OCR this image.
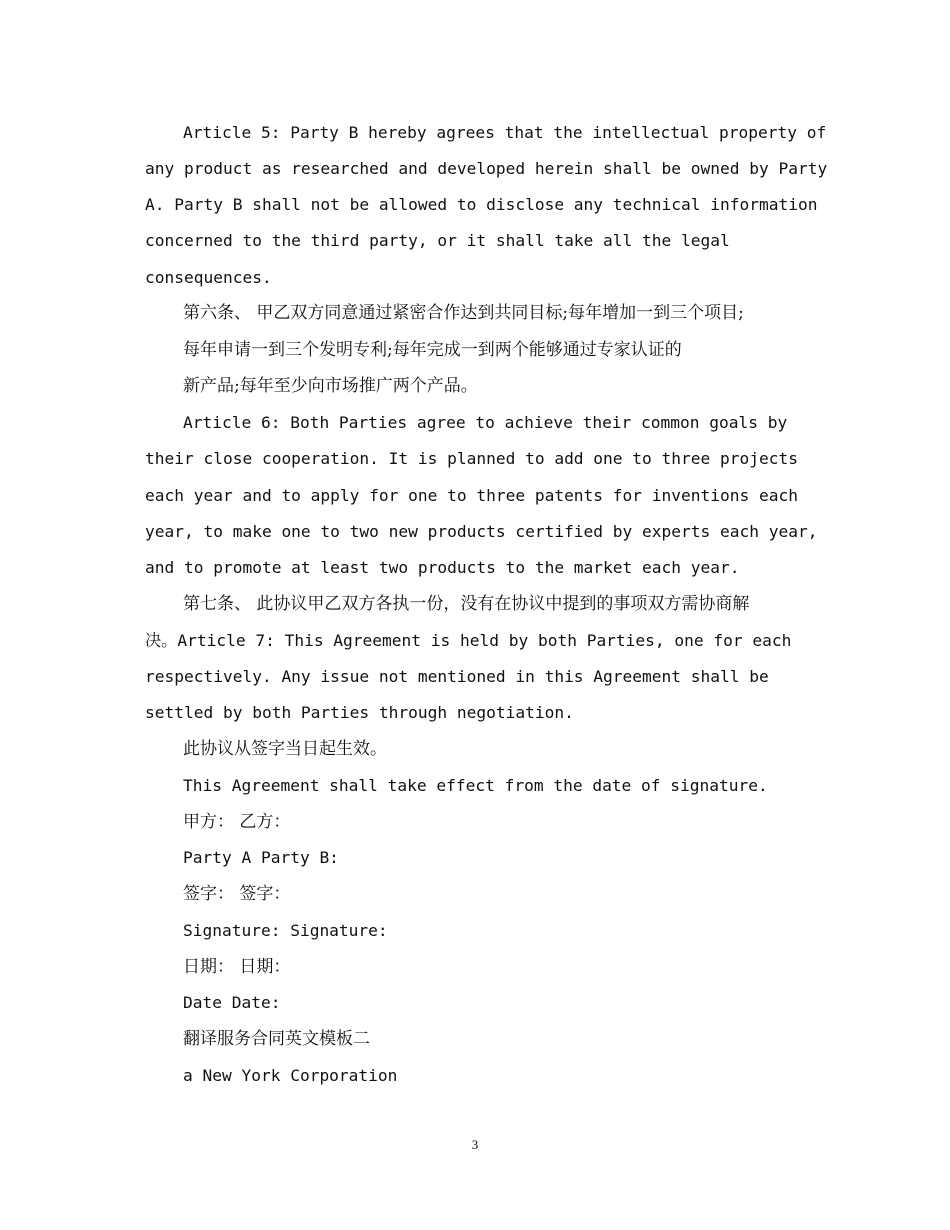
Article 5: Party B hereby agrees that the intellectual property of
any product as researched and developed herein shall be owned by Party
A. Party B shall not be allowed to disclose any technical information
concerned to the third party, or it shall take all the legal
consequences.
第六条、 甲乙双方同意通过紧密合作达到共同目标;每年增加一到三个项目;
每年申请一到三个发明专利;每年完成一到两个能够通过专家认证的
新产品;每年至少向市场推广两个产品。
Article 6: Both Parties agree to achieve their common goals by
their close cooperation. It is planned to add one to three projects
each year and to apply for one to three patents for inventions each
year, to make one to two new products certified by experts each year,
and to promote at least two products to the market each year.
第七条、 此协议甲乙双方各执一份，没有在协议中提到的事项双方需协商解
决。Article 7: This Agreement is held by both Parties, one for each
respectively. Any issue not mentioned in this Agreement shall be
settled by both Parties through negotiation.
此协议从签字当日起生效。
This Agreement shall take effect from the date of signature.
甲方： 乙方：
Party A Party B:
签字： 签字：
Signature: Signature:
日期： 日期：
Date Date:
翻译服务合同英文模板二
a New York Corporation
3
